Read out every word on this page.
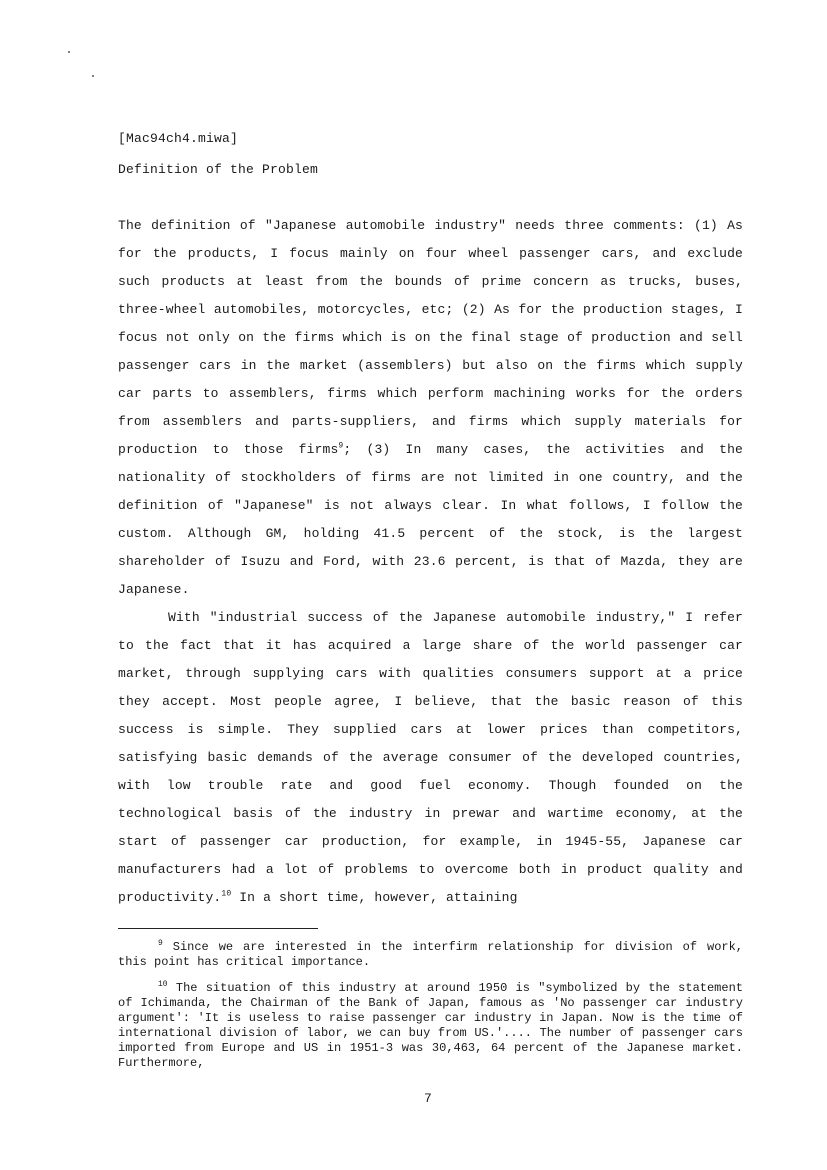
[Mac94ch4.miwa]
Definition of the Problem

The definition of "Japanese automobile industry" needs three comments: (1) As for the products, I focus mainly on four wheel passenger cars, and exclude such products at least from the bounds of prime concern as trucks, buses, three-wheel automobiles, motorcycles, etc; (2) As for the production stages, I focus not only on the firms which is on the final stage of production and sell passenger cars in the market (assemblers) but also on the firms which supply car parts to assemblers, firms which perform machining works for the orders from assemblers and parts-suppliers, and firms which supply materials for production to those firms$^9$; (3) In many cases, the activities and the nationality of stockholders of firms are not limited in one country, and the definition of "Japanese" is not always clear. In what follows, I follow the custom. Although GM, holding 41.5 percent of the stock, is the largest shareholder of Isuzu and Ford, with 23.6 percent, is that of Mazda, they are Japanese.

With "industrial success of the Japanese automobile industry," I refer to the fact that it has acquired a large share of the world passenger car market, through supplying cars with qualities consumers support at a price they accept. Most people agree, I believe, that the basic reason of this success is simple. They supplied cars at lower prices than competitors, satisfying basic demands of the average consumer of the developed countries, with low trouble rate and good fuel economy. Though founded on the technological basis of the industry in prewar and wartime economy, at the start of passenger car production, for example, in 1945-55, Japanese car manufacturers had a lot of problems to overcome both in product quality and productivity.$^{10}$ In a short time, however, attaining

$^9$ Since we are interested in the interfirm relationship for division of work, this point has critical importance.

$^{10}$ The situation of this industry at around 1950 is "symbolized by the statement of Ichimanda, the Chairman of the Bank of Japan, famous as 'No passenger car industry argument': 'It is useless to raise passenger car industry in Japan. Now is the time of international division of labor, we can buy from US.'.... The number of passenger cars imported from Europe and US in 1951-3 was 30,463, 64 percent of the Japanese market. Furthermore,

7
